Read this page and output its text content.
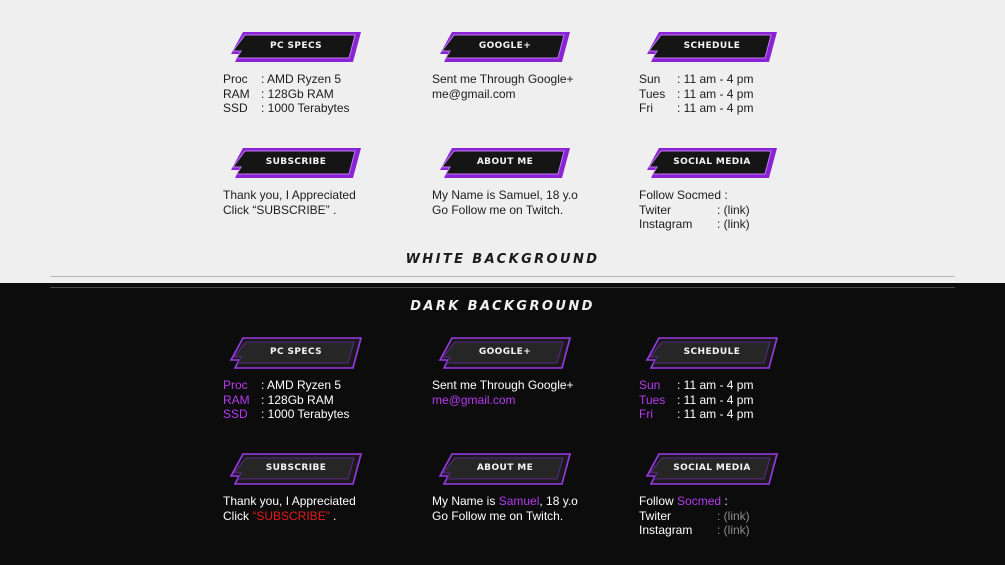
PC SPECS
Proc : AMD Ryzen 5
RAM : 128Gb RAM
SSD : 1000 Terabytes
GOOGLE+
Sent me Through Google+
me@gmail.com
SCHEDULE
Sun : 11 am - 4 pm
Tues : 11 am - 4 pm
Fri : 11 am - 4 pm
SUBSCRIBE
Thank you, I Appreciated
Click “SUBSCRIBE” .
ABOUT ME
My Name is Samuel, 18 y.o
Go Follow me on Twitch.
SOCIAL MEDIA
Follow Socmed :
Twiter	: (link)
Instagram : (link)
WHITE BACKGROUND
PC SPECS
Proc : AMD Ryzen 5
RAM : 128Gb RAM
SSD : 1000 Terabytes
GOOGLE+
Sent me Through Google+
me@gmail.com
SCHEDULE
Sun : 11 am - 4 pm
Tues : 11 am - 4 pm
Fri : 11 am - 4 pm
SUBSCRIBE
Thank you, I Appreciated
Click “SUBSCRIBE” .
ABOUT ME
My Name is Samuel, 18 y.o
Go Follow me on Twitch.
SOCIAL MEDIA
Follow Socmed :
Twiter	: (link)
Instagram : (link)
DARK BACKGROUND
